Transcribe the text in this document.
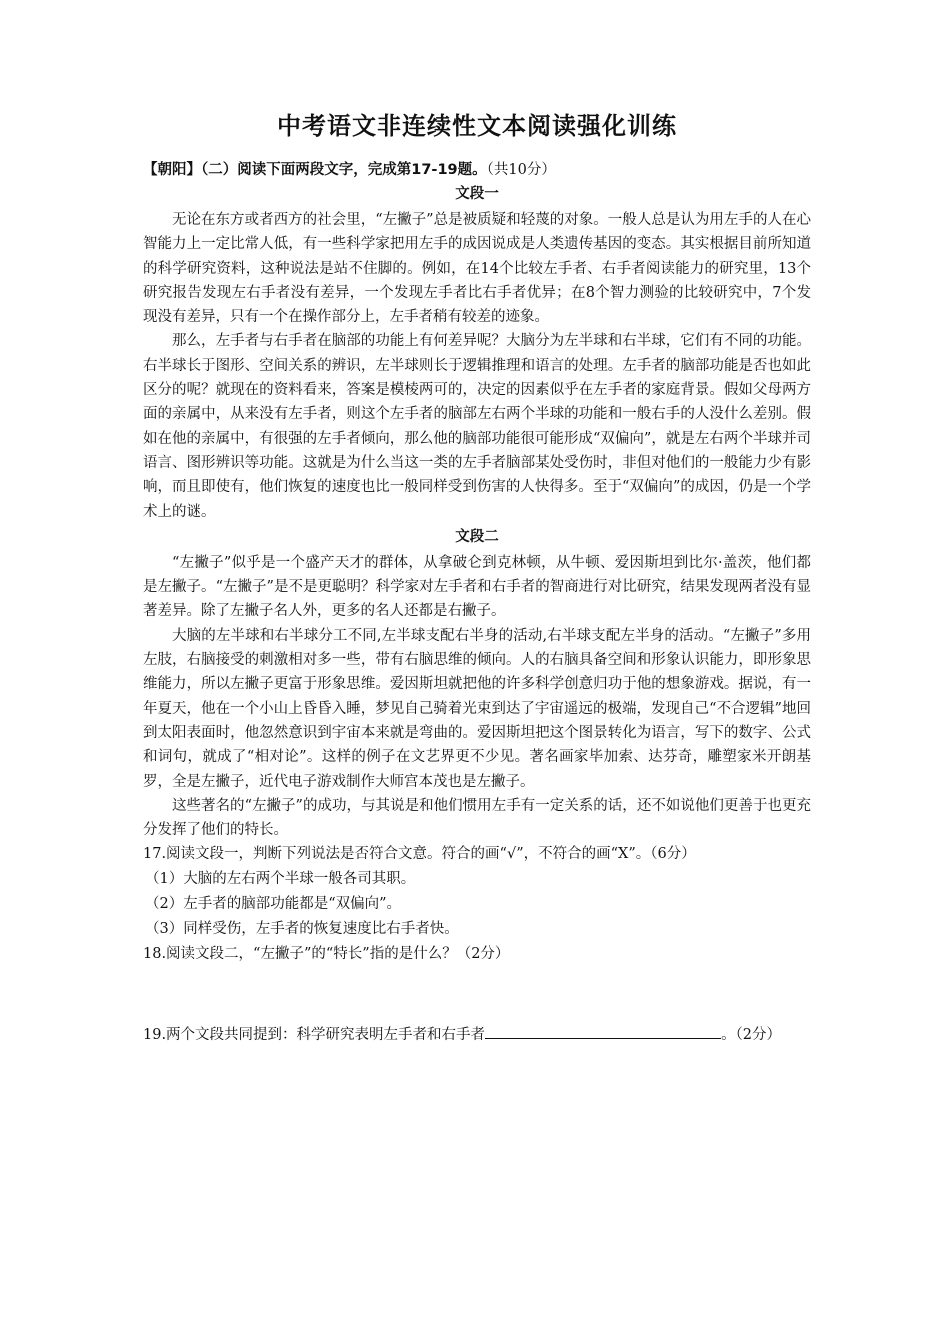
中考语文非连续性文本阅读强化训练
【朝阳】（二）阅读下面两段文字，完成第17-19题。（共10分）
文段一

无论在东方或者西方的社会里，“左撇子”总是被质疑和轻蔑的对象。一般人总是认为用左手的人在心智能力上一定比常人低，有一些科学家把用左手的成因说成是人类遗传基因的变态。其实根据目前所知道的科学研究资料，这种说法是站不住脚的。例如，在14个比较左手者、右手者阅读能力的研究里，13个研究报告发现左右手者没有差异，一个发现左手者比右手者优异；在8个智力测验的比较研究中，7个发现没有差异，只有一个在操作部分上，左手者稍有较差的迹象。

那么，左手者与右手者在脑部的功能上有何差异呢？大脑分为左半球和右半球，它们有不同的功能。右半球长于图形、空间关系的辨识，左半球则长于逻辑推理和语言的处理。左手者的脑部功能是否也如此区分的呢？就现在的资料看来，答案是模棱两可的，决定的因素似乎在左手者的家庭背景。假如父母两方面的亲属中，从来没有左手者，则这个左手者的脑部左右两个半球的功能和一般右手的人没什么差别。假如在他的亲属中，有很强的左手者倾向，那么他的脑部功能很可能形成“双偏向”，就是左右两个半球并司语言、图形辨识等功能。这就是为什么当这一类的左手者脑部某处受伤时，非但对他们的一般能力少有影响，而且即使有，他们恢复的速度也比一般同样受到伤害的人快得多。至于“双偏向”的成因，仍是一个学术上的谜。

文段二

“左撇子”似乎是一个盛产天才的群体，从拿破仑到克林顿，从牛顿、爱因斯坦到比尔·盖茨，他们都是左撇子。“左撇子”是不是更聪明？科学家对左手者和右手者的智商进行对比研究，结果发现两者没有显著差异。除了左撇子名人外，更多的名人还都是右撇子。

大脑的左半球和右半球分工不同,左半球支配右半身的活动,右半球支配左半身的活动。“左撇子”多用左肢，右脑接受的刺激相对多一些，带有右脑思维的倾向。人的右脑具备空间和形象认识能力，即形象思维能力，所以左撇子更富于形象思维。爱因斯坦就把他的许多科学创意归功于他的想象游戏。据说，有一年夏天，他在一个小山上昏昏入睡，梦见自己骑着光束到达了宇宙遥远的极端，发现自己“不合逻辑”地回到太阳表面时，他忽然意识到宇宙本来就是弯曲的。爱因斯坦把这个图景转化为语言，写下的数字、公式和词句，就成了“相对论”。这样的例子在文艺界更不少见。著名画家毕加索、达芬奇，雕塑家米开朗基罗，全是左撇子，近代电子游戏制作大师宫本茂也是左撇子。

这些著名的“左撇子”的成功，与其说是和他们惯用左手有一定关系的话，还不如说他们更善于也更充分发挥了他们的特长。

17.阅读文段一，判断下列说法是否符合文意。符合的画“√”，不符合的画“X”。（6分）

（1）大脑的左右两个半球一般各司其职。

（2）左手者的脑部功能都是“双偏向”。

（3）同样受伤，左手者的恢复速度比右手者快。

18.阅读文段二，“左撇子”的“特长”指的是什么？（2分）

19.两个文段共同提到：科学研究表明左手者和右手者	。（2分）
